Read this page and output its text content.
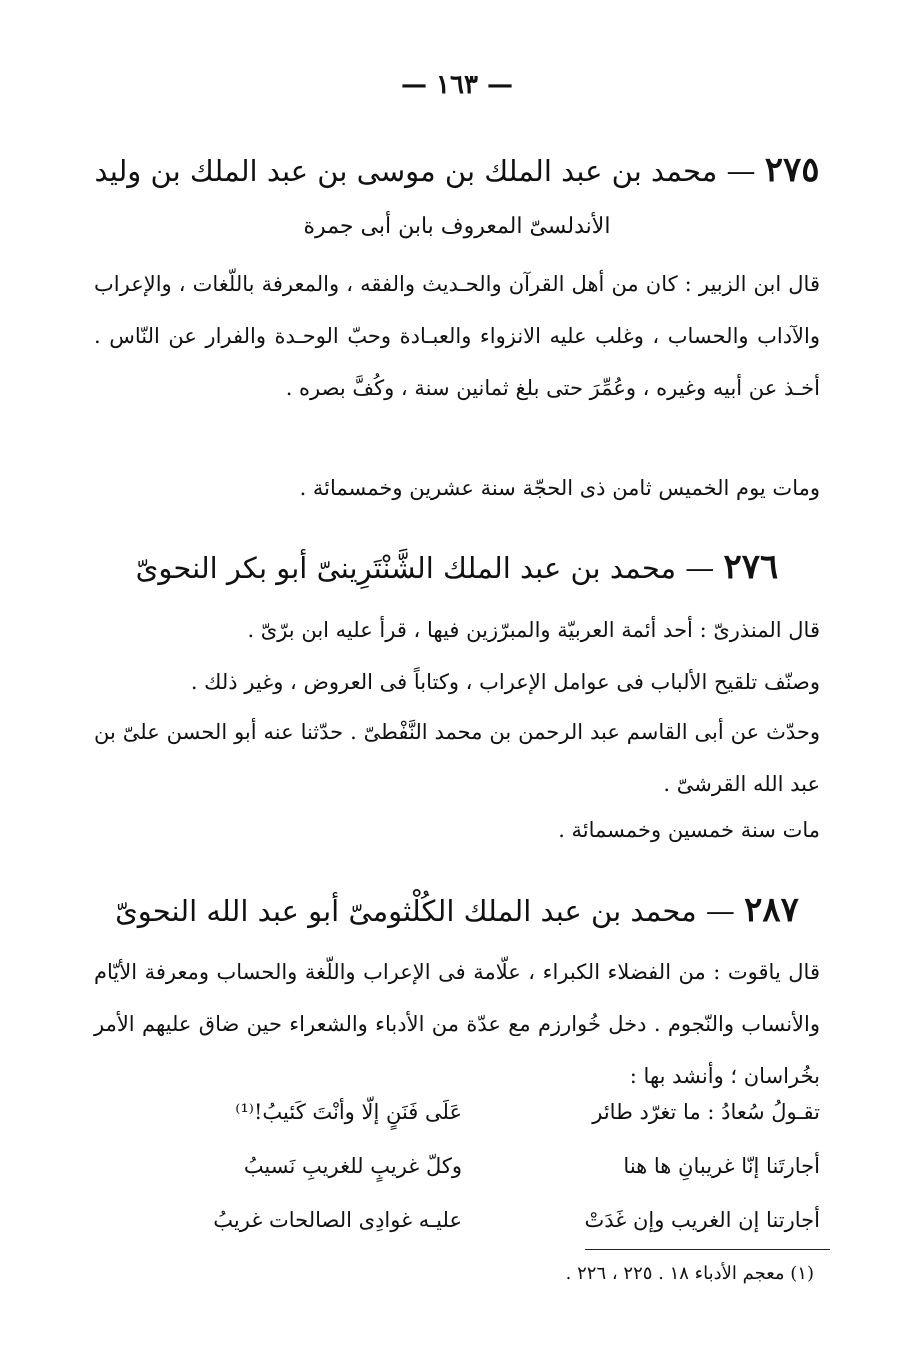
— ١٦٣ —
٢٧٥ — محمد بن عبد الملك بن موسى بن عبد الملك بن وليد
الأندلسىّ المعروف بابن أبى جمرة
قال ابن الزبير : كان من أهل القرآن والحـديث والفقه ، والمعرفة باللّغات ، والإعراب والآداب والحساب ، وغلب عليه الانزواء والعبـادة وحبّ الوحـدة والفرار عن النّاس . أخـذ عن أبيه وغيره ، وعُمِّرَ حتى بلغ ثمانين سنة ، وكُفَّ بصره .
ومات يوم الخميس ثامن ذى الحجّة سنة عشرين وخمسمائة .
٢٧٦ — محمد بن عبد الملك الشَّنْتَرِينىّ أبو بكر النحوىّ
قال المنذرىّ : أحد أئمة العربيّة والمبرّزين فيها ، قرأ عليه ابن برّىّ .
وصنّف تلقيح الألباب فى عوامل الإعراب ، وكتاباً فى العروض ، وغير ذلك .
وحدّث عن أبى القاسم عبد الرحمن بن محمد النَّفْطىّ . حدّثنا عنه أبو الحسن علىّ بن عبد الله القرشىّ .
مات سنة خمسين وخمسمائة .
٢٨٧ — محمد بن عبد الملك الكُلْثومىّ أبو عبد الله النحوىّ
قال ياقوت : من الفضلاء الكبراء ، علّامة فى الإعراب واللّغة والحساب ومعرفة الأيّام والأنساب والنّجوم . دخل خُوارزم مع عدّة من الأدباء والشعراء حين ضاق عليهم الأمر بخُراسان ؛ وأنشد بها :
تقـولُ سُعادُ : ما تغرّد طائر
عَلَى فَنَنٍ إلّا وأنْتَ كَئيبُ!⁽¹⁾
أجارتَنا إنّا غريبانِ ها هنا
وكلّ غريبٍ للغريبِ نَسيبُ
أجارتنا إن الغريب وإن غَدَتْ
عليـه غوادِى الصالحات غريبُ
(١) معجم الأدباء ١٨ . ٢٢٥ ، ٢٢٦ .
